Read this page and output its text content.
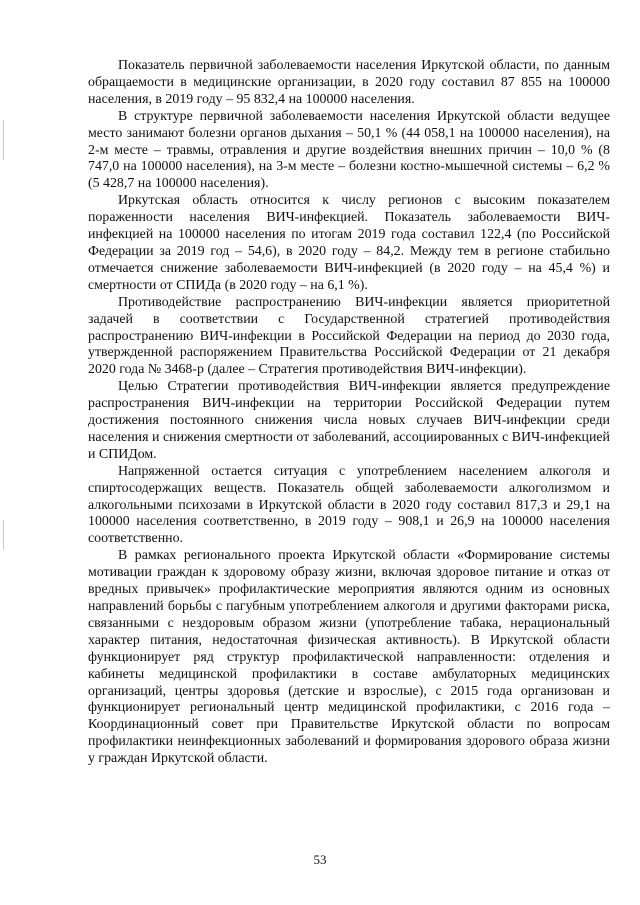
Показатель первичной заболеваемости населения Иркутской области, по данным обращаемости в медицинские организации, в 2020 году составил 87 855 на 100000 населения, в 2019 году – 95 832,4 на 100000 населения.

В структуре первичной заболеваемости населения Иркутской области ведущее место занимают болезни органов дыхания – 50,1 % (44 058,1 на 100000 населения), на 2-м месте – травмы, отравления и другие воздействия внешних причин – 10,0 % (8 747,0 на 100000 населения), на 3-м месте – болезни костно-мышечной системы – 6,2 % (5 428,7 на 100000 населения).

Иркутская область относится к числу регионов с высоким показателем пораженности населения ВИЧ-инфекцией. Показатель заболеваемости ВИЧ-инфекцией на 100000 населения по итогам 2019 года составил 122,4 (по Российской Федерации за 2019 год – 54,6), в 2020 году – 84,2. Между тем в регионе стабильно отмечается снижение заболеваемости ВИЧ-инфекцией (в 2020 году – на 45,4 %) и смертности от СПИДа (в 2020 году – на 6,1 %).

Противодействие распространению ВИЧ-инфекции является приоритетной задачей в соответствии с Государственной стратегией противодействия распространению ВИЧ-инфекции в Российской Федерации на период до 2030 года, утвержденной распоряжением Правительства Российской Федерации от 21 декабря 2020 года № 3468-р (далее – Стратегия противодействия ВИЧ-инфекции).

Целью Стратегии противодействия ВИЧ-инфекции является предупреждение распространения ВИЧ-инфекции на территории Российской Федерации путем достижения постоянного снижения числа новых случаев ВИЧ-инфекции среди населения и снижения смертности от заболеваний, ассоциированных с ВИЧ-инфекцией и СПИДом.

Напряженной остается ситуация с употреблением населением алкоголя и спиртосодержащих веществ. Показатель общей заболеваемости алкоголизмом и алкогольными психозами в Иркутской области в 2020 году составил 817,3 и 29,1 на 100000 населения соответственно, в 2019 году – 908,1 и 26,9 на 100000 населения соответственно.

В рамках регионального проекта Иркутской области «Формирование системы мотивации граждан к здоровому образу жизни, включая здоровое питание и отказ от вредных привычек» профилактические мероприятия являются одним из основных направлений борьбы с пагубным употреблением алкоголя и другими факторами риска, связанными с нездоровым образом жизни (употребление табака, нерациональный характер питания, недостаточная физическая активность). В Иркутской области функционирует ряд структур профилактической направленности: отделения и кабинеты медицинской профилактики в составе амбулаторных медицинских организаций, центры здоровья (детские и взрослые), с 2015 года организован и функционирует региональный центр медицинской профилактики, с 2016 года – Координационный совет при Правительстве Иркутской области по вопросам профилактики неинфекционных заболеваний и формирования здорового образа жизни у граждан Иркутской области.

53
